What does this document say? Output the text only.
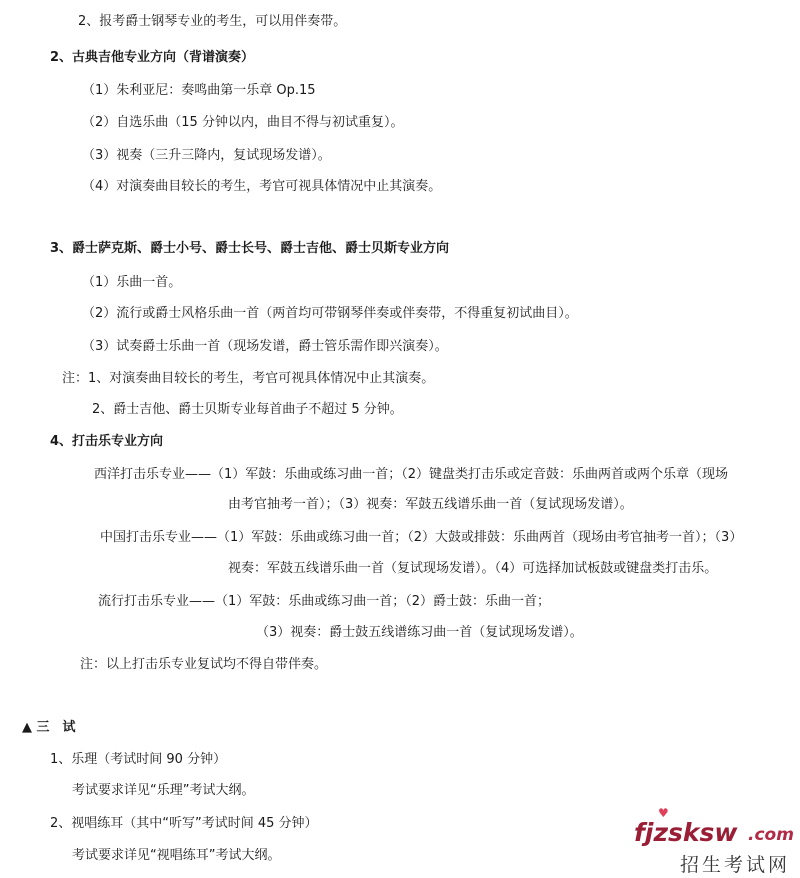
2、报考爵士钢琴专业的考生，可以用伴奏带。
2、古典吉他专业方向（背谱演奏）
（1）朱利亚尼：奏鸣曲第一乐章 Op.15
（2）自选乐曲（15 分钟以内，曲目不得与初试重复）。
（3）视奏（三升三降内，复试现场发谱）。
（4）对演奏曲目较长的考生，考官可视具体情况中止其演奏。
3、爵士萨克斯、爵士小号、爵士长号、爵士吉他、爵士贝斯专业方向
（1）乐曲一首。
（2）流行或爵士风格乐曲一首（两首均可带钢琴伴奏或伴奏带，不得重复初试曲目）。
（3）试奏爵士乐曲一首（现场发谱，爵士管乐需作即兴演奏）。
注：1、对演奏曲目较长的考生，考官可视具体情况中止其演奏。
2、爵士吉他、爵士贝斯专业每首曲子不超过 5 分钟。
4、打击乐专业方向
西洋打击乐专业——（1）军鼓：乐曲或练习曲一首；（2）键盘类打击乐或定音鼓：乐曲两首或两个乐章（现场
由考官抽考一首）；（3）视奏：军鼓五线谱乐曲一首（复试现场发谱）。
中国打击乐专业——（1）军鼓：乐曲或练习曲一首；（2）大鼓或排鼓：乐曲两首（现场由考官抽考一首）；（3）
视奏：军鼓五线谱乐曲一首（复试现场发谱）。（4）可选择加试板鼓或键盘类打击乐。
流行打击乐专业——（1）军鼓：乐曲或练习曲一首；（2）爵士鼓：乐曲一首；
（3）视奏：爵士鼓五线谱练习曲一首（复试现场发谱）。
注：以上打击乐专业复试均不得自带伴奏。
▲ 三　试
1、乐理（考试时间 90 分钟）
考试要求详见“乐理”考试大纲。
2、视唱练耳（其中“听写”考试时间 45 分钟）
考试要求详见“视唱练耳”考试大纲。
♥
fjzsksw .com
招生考试网
